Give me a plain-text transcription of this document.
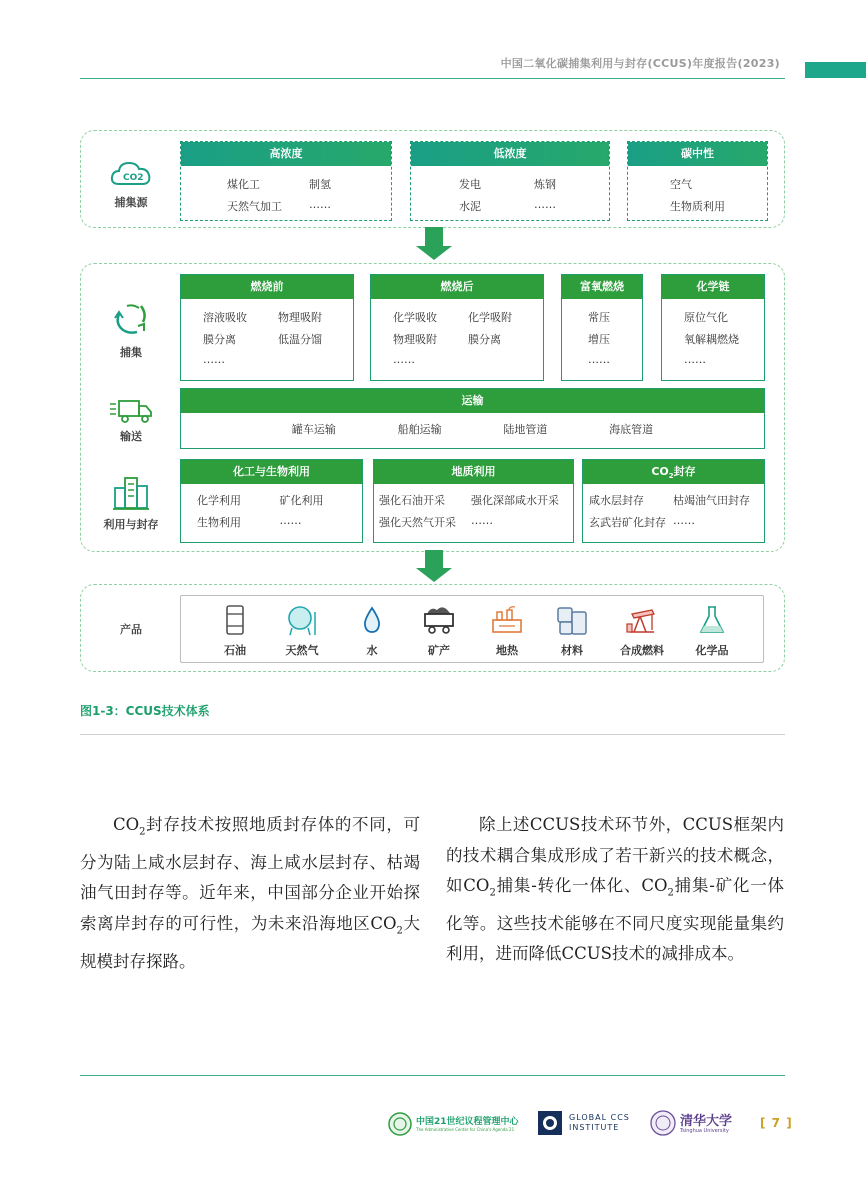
中国二氧化碳捕集利用与封存(CCUS)年度报告(2023)
CO2
捕集源
高浓度
煤化工	制氢
天然气加工	……
低浓度
发电	炼钢
水泥	……
碳中性
空气
生物质利用
捕集
燃烧前
溶液吸收	物理吸附
膜分离	低温分馏
……
燃烧后
化学吸收	化学吸附
物理吸附	膜分离
……
富氧燃烧
常压
增压
……
化学链
原位气化
氧解耦燃烧
……
输送
运输
罐车运输	船舶运输	陆地管道	海底管道
利用与封存
化工与生物利用
化学利用	矿化利用
生物利用	……
地质利用
强化石油开采	强化深部咸水开采
强化天然气开采	……
$CO_2$封存
咸水层封存	枯竭油气田封存
玄武岩矿化封存 ……
产品
石油	天然气	水	矿产	地热	材料	合成燃料	化学品
图1-3：CCUS技术体系
$CO_2$封存技术按照地质封存体的不同，可分为陆上咸水层封存、海上咸水层封存、枯竭油气田封存等。近年来，中国部分企业开始探索离岸封存的可行性，为未来沿海地区$CO_2$大规模封存探路。
除上述CCUS技术环节外，CCUS框架内的技术耦合集成形成了若干新兴的技术概念，如$CO_2$捕集-转化一体化、$CO_2$捕集-矿化一体化等。这些技术能够在不同尺度实现能量集约利用，进而降低CCUS技术的减排成本。
中国21世纪议程管理中心
The Administrative Center for China's Agenda 21
GLOBAL CCS
INSTITUTE	清华大学
Tsinghua University
[ 7 ]
